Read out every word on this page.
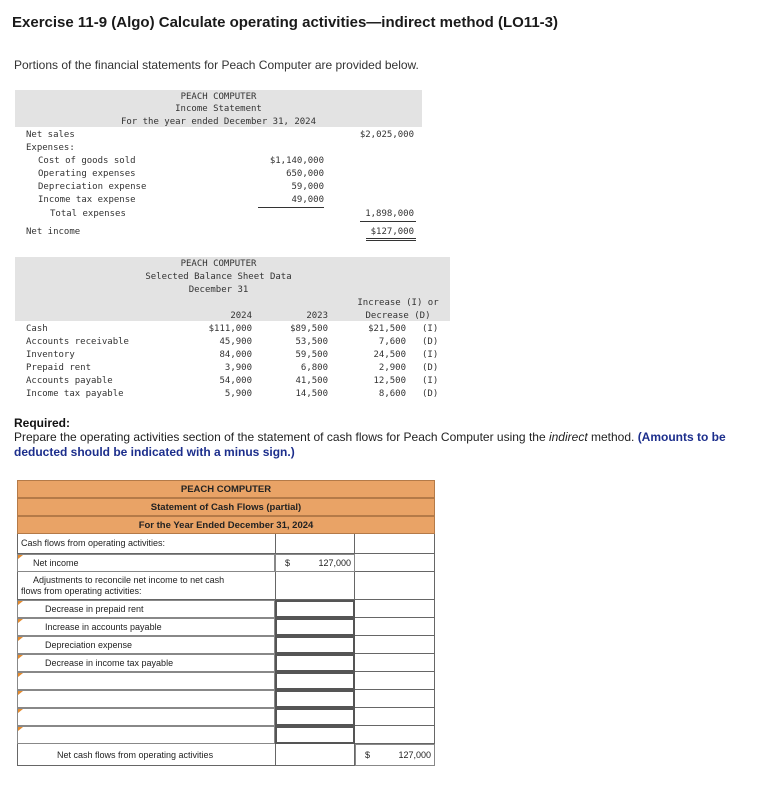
Exercise 11-9 (Algo) Calculate operating activities—indirect method (LO11-3)
Portions of the financial statements for Peach Computer are provided below.
PEACH COMPUTER
Income Statement
For the year ended December 31, 2024
Net sales	$2,025,000
Expenses:
Cost of goods sold	$1,140,000
Operating expenses	650,000
Depreciation expense	59,000
Income tax expense	49,000
Total expenses	1,898,000
Net income	$127,000
PEACH COMPUTER
Selected Balance Sheet Data
December 31
Increase (I) or
Decrease (D)
2024	2023
Cash	$111,000	$89,500	$21,500 (I)
Accounts receivable	45,900	53,500	7,600 (D)
Inventory	84,000	59,500	24,500 (I)
Prepaid rent	3,900	6,800	2,900 (D)
Accounts payable	54,000	41,500	12,500 (I)
Income tax payable	5,900	14,500	8,600 (D)
Required:
Prepare the operating activities section of the statement of cash flows for Peach Computer using the indirect method. (Amounts to be deducted should be indicated with a minus sign.)
PEACH COMPUTER
Statement of Cash Flows (partial)
For the Year Ended December 31, 2024
Cash flows from operating activities:
Net income	$	127,000
Adjustments to reconcile net income to net cash
flows from operating activities:
Decrease in prepaid rent
Increase in accounts payable
Depreciation expense
Decrease in income tax payable
Net cash flows from operating activities	$	127,000
